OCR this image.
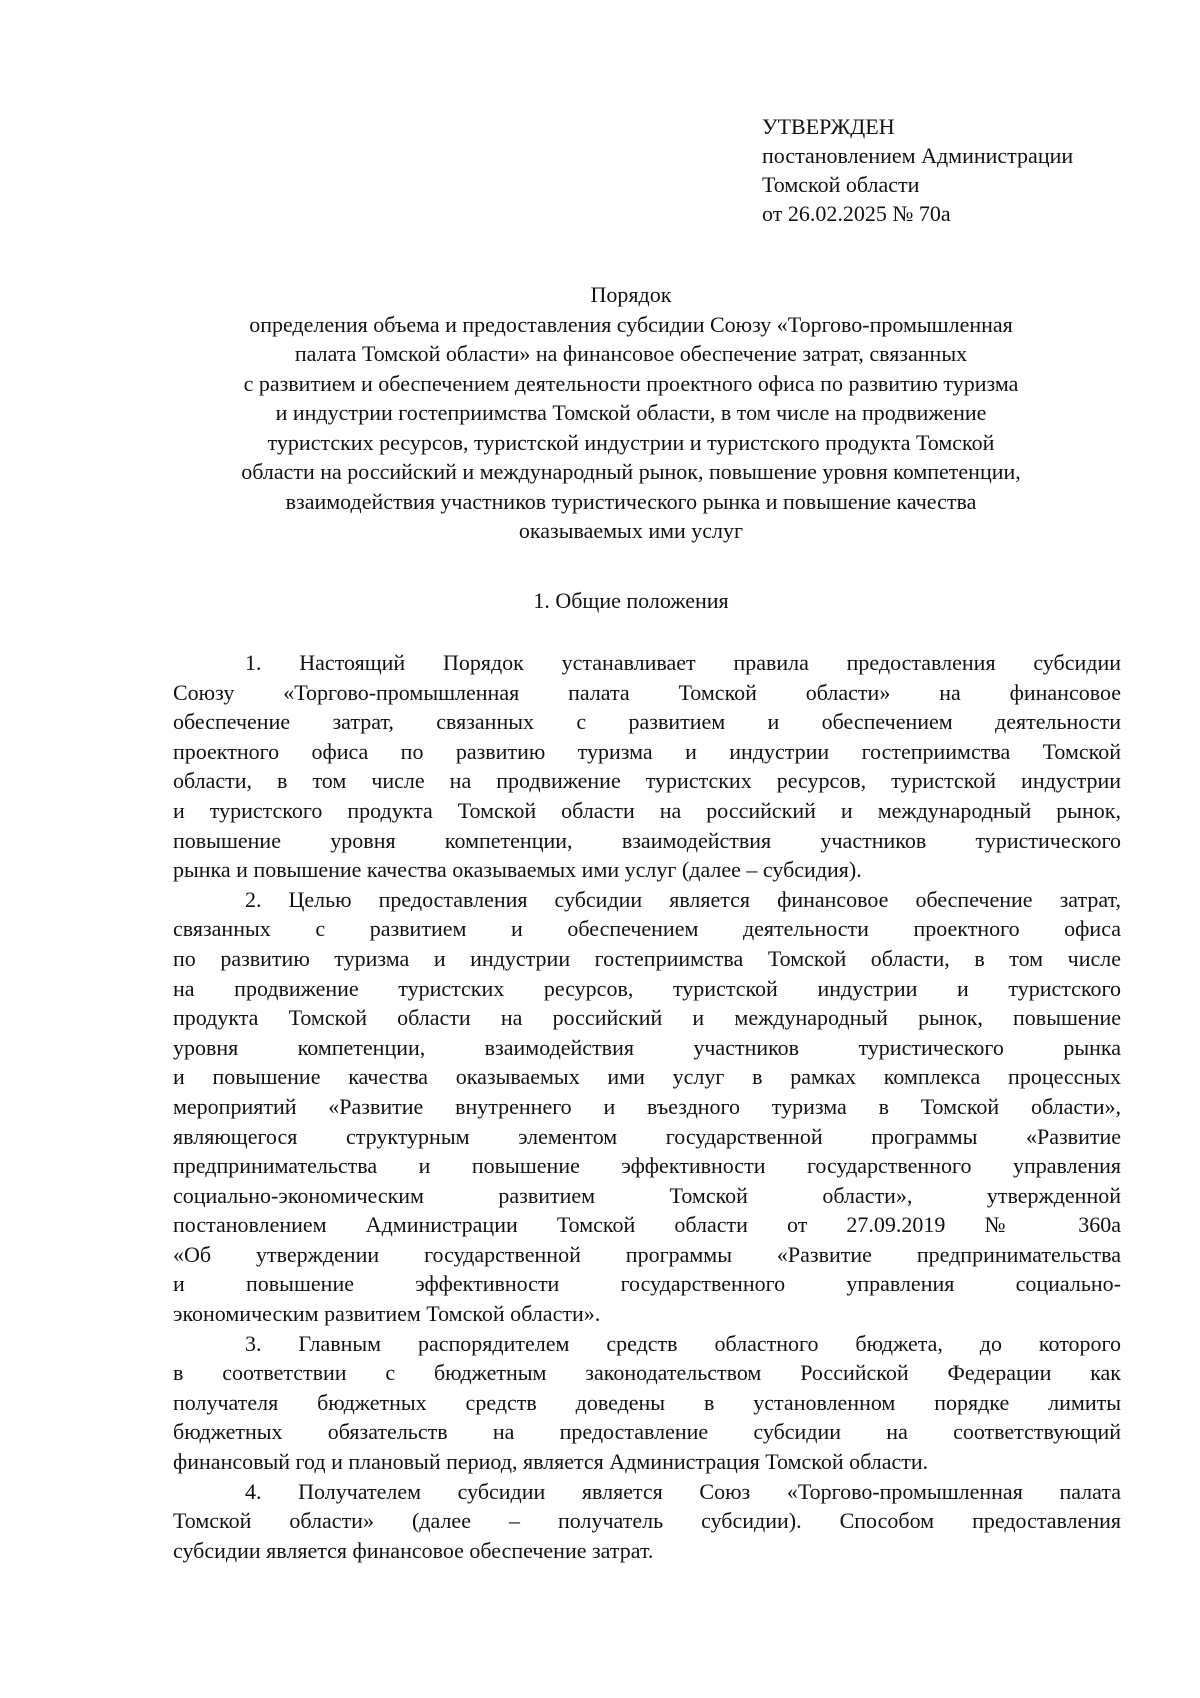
УТВЕРЖДЕН
постановлением Администрации
Томской области
от 26.02.2025 № 70а
Порядок
определения объема и предоставления субсидии Союзу «Торгово-промышленная
палата Томской области» на финансовое обеспечение затрат, связанных
с развитием и обеспечением деятельности проектного офиса по развитию туризма
и индустрии гостеприимства Томской области, в том числе на продвижение
туристских ресурсов, туристской индустрии и туристского продукта Томской
области на российский и международный рынок, повышение уровня компетенции,
взаимодействия участников туристического рынка и повышение качества
оказываемых ими услуг
1. Общие положения
1. Настоящий Порядок устанавливает правила предоставления субсидии
Союзу «Торгово-промышленная палата Томской области» на финансовое
обеспечение затрат, связанных с развитием и обеспечением деятельности
проектного офиса по развитию туризма и индустрии гостеприимства Томской
области, в том числе на продвижение туристских ресурсов, туристской индустрии
и туристского продукта Томской области на российский и международный рынок,
повышение уровня компетенции, взаимодействия участников туристического
рынка и повышение качества оказываемых ими услуг (далее – субсидия).
2. Целью предоставления субсидии является финансовое обеспечение затрат,
связанных с развитием и обеспечением деятельности проектного офиса
по развитию туризма и индустрии гостеприимства Томской области, в том числе
на продвижение туристских ресурсов, туристской индустрии и туристского
продукта Томской области на российский и международный рынок, повышение
уровня компетенции, взаимодействия участников туристического рынка
и повышение качества оказываемых ими услуг в рамках комплекса процессных
мероприятий «Развитие внутреннего и въездного туризма в Томской области»,
являющегося структурным элементом государственной программы «Развитие
предпринимательства и повышение эффективности государственного управления
социально-экономическим развитием Томской области», утвержденной
постановлением Администрации Томской области от 27.09.2019 № 360а
«Об утверждении государственной программы «Развитие предпринимательства
и повышение эффективности государственного управления социально-
экономическим развитием Томской области».
3. Главным распорядителем средств областного бюджета, до которого
в соответствии с бюджетным законодательством Российской Федерации как
получателя бюджетных средств доведены в установленном порядке лимиты
бюджетных обязательств на предоставление субсидии на соответствующий
финансовый год и плановый период, является Администрация Томской области.
4. Получателем субсидии является Союз «Торгово-промышленная палата
Томской области» (далее – получатель субсидии). Способом предоставления
субсидии является финансовое обеспечение затрат.
